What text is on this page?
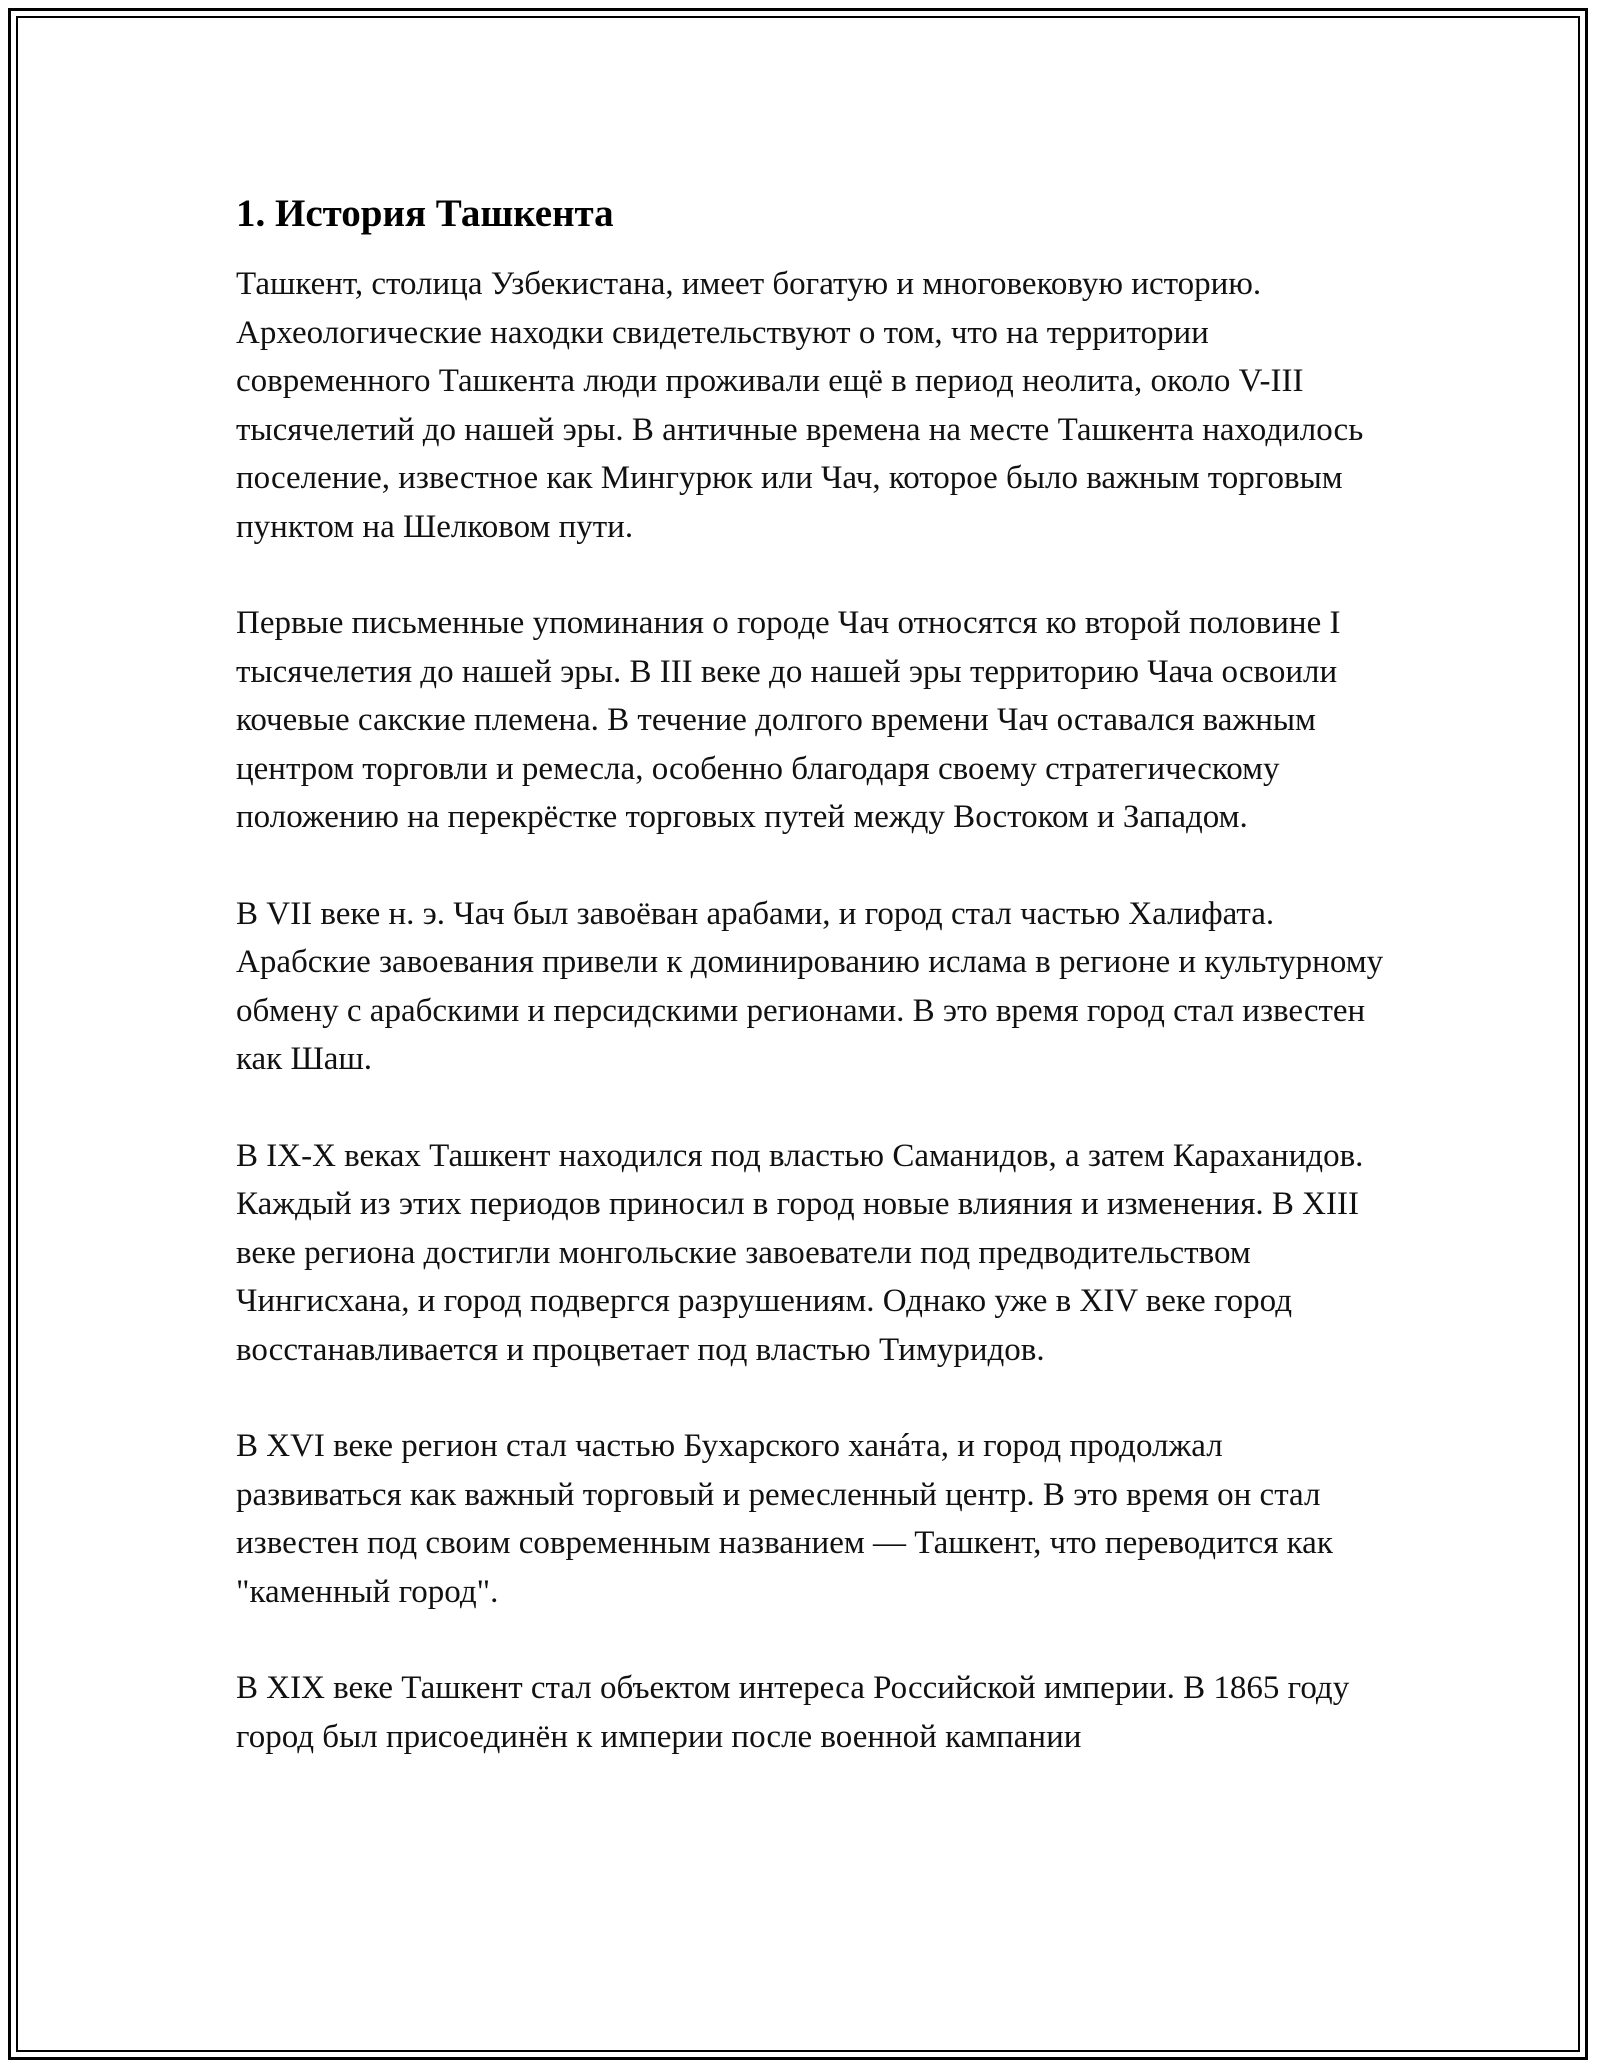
1. История Ташкента

Ташкент, столица Узбекистана, имеет богатую и многовековую историю. Археологические находки свидетельствуют о том, что на территории современного Ташкента люди проживали ещё в период неолита, около V-III тысячелетий до нашей эры. В античные времена на месте Ташкента находилось поселение, известное как Мингурюк или Чач, которое было важным торговым пунктом на Шелковом пути.

Первые письменные упоминания о городе Чач относятся ко второй половине I тысячелетия до нашей эры. В III веке до нашей эры территорию Чача освоили кочевые сакские племена. В течение долгого времени Чач оставался важным центром торговли и ремесла, особенно благодаря своему стратегическому положению на перекрёстке торговых путей между Востоком и Западом.

В VII веке н. э. Чач был завоёван арабами, и город стал частью Халифата. Арабские завоевания привели к доминированию ислама в регионе и культурному обмену с арабскими и персидскими регионами. В это время город стал известен как Шаш.

В IX-X веках Ташкент находился под властью Саманидов, а затем Караханидов. Каждый из этих периодов приносил в город новые влияния и изменения. В XIII веке региона достигли монгольские завоеватели под предводительством Чингисхана, и город подвергся разрушениям. Однако уже в XIV веке город восстанавливается и процветает под властью Тимуридов.

В XVI веке регион стал частью Бухарского ханáта, и город продолжал развиваться как важный торговый и ремесленный центр. В это время он стал известен под своим современным названием — Ташкент, что переводится как "каменный город".

В XIX веке Ташкент стал объектом интереса Российской империи. В 1865 году город был присоединён к империи после военной кампании
